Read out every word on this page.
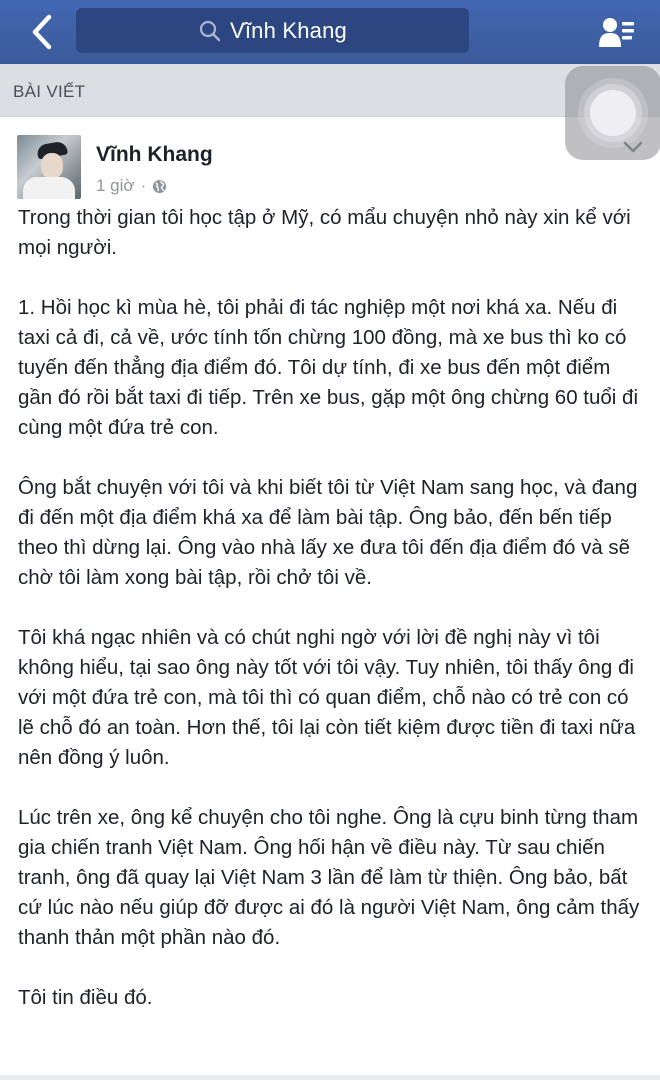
Vĩnh Khang
BÀI VIẾT
Vĩnh Khang
1 giờ ·

Trong thời gian tôi học tập ở Mỹ, có mẩu chuyện nhỏ này xin kể với mọi người.

1. Hồi học kì mùa hè, tôi phải đi tác nghiệp một nơi khá xa. Nếu đi taxi cả đi, cả về, ước tính tốn chừng 100 đồng, mà xe bus thì ko có tuyến đến thẳng địa điểm đó. Tôi dự tính, đi xe bus đến một điểm gần đó rồi bắt taxi đi tiếp. Trên xe bus, gặp một ông chừng 60 tuổi đi cùng một đứa trẻ con.

Ông bắt chuyện với tôi và khi biết tôi từ Việt Nam sang học, và đang đi đến một địa điểm khá xa để làm bài tập. Ông bảo, đến bến tiếp theo thì dừng lại. Ông vào nhà lấy xe đưa tôi đến địa điểm đó và sẽ chờ tôi làm xong bài tập, rồi chở tôi về.

Tôi khá ngạc nhiên và có chút nghi ngờ với lời đề nghị này vì tôi không hiểu, tại sao ông này tốt với tôi vậy. Tuy nhiên, tôi thấy ông đi với một đứa trẻ con, mà tôi thì có quan điểm, chỗ nào có trẻ con có lẽ chỗ đó an toàn. Hơn thế, tôi lại còn tiết kiệm được tiền đi taxi nữa nên đồng ý luôn.

Lúc trên xe, ông kể chuyện cho tôi nghe. Ông là cựu binh từng tham gia chiến tranh Việt Nam. Ông hối hận về điều này. Từ sau chiến tranh, ông đã quay lại Việt Nam 3 lần để làm từ thiện. Ông bảo, bất cứ lúc nào nếu giúp đỡ được ai đó là người Việt Nam, ông cảm thấy thanh thản một phần nào đó.

Tôi tin điều đó.
